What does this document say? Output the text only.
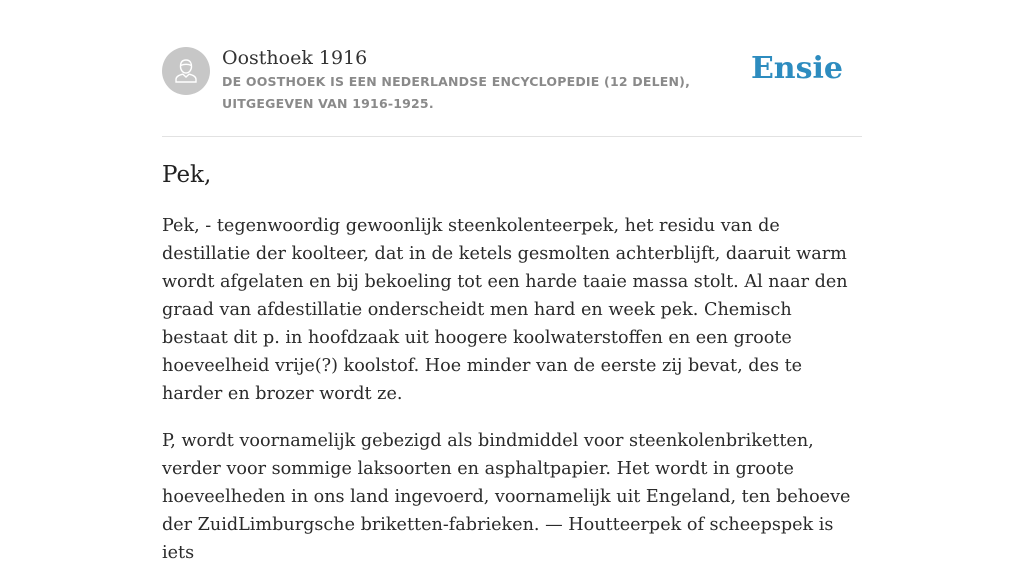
Oosthoek 1916
DE OOSTHOEK IS EEN NEDERLANDSE ENCYCLOPEDIE (12 DELEN), UITGEGEVEN VAN 1916-1925.
Ensie
Pek,

Pek, - tegenwoordig gewoonlijk steenkolenteerpek, het residu van de destillatie der koolteer, dat in de ketels gesmolten achterblijft, daaruit warm wordt afgelaten en bij bekoeling tot een harde taaie massa stolt. Al naar den graad van afdestillatie onderscheidt men hard en week pek. Chemisch bestaat dit p. in hoofdzaak uit hoogere koolwaterstoffen en een groote hoeveelheid vrije(?) koolstof. Hoe minder van de eerste zij bevat, des te harder en brozer wordt ze.

P, wordt voornamelijk gebezigd als bindmiddel voor steenkolenbriketten, verder voor sommige laksoorten en asphaltpapier. Het wordt in groote hoeveelheden in ons land ingevoerd, voornamelijk uit Engeland, ten behoeve der ZuidLimburgsche briketten-fabrieken. — Houtteerpek of scheepspek is iets
